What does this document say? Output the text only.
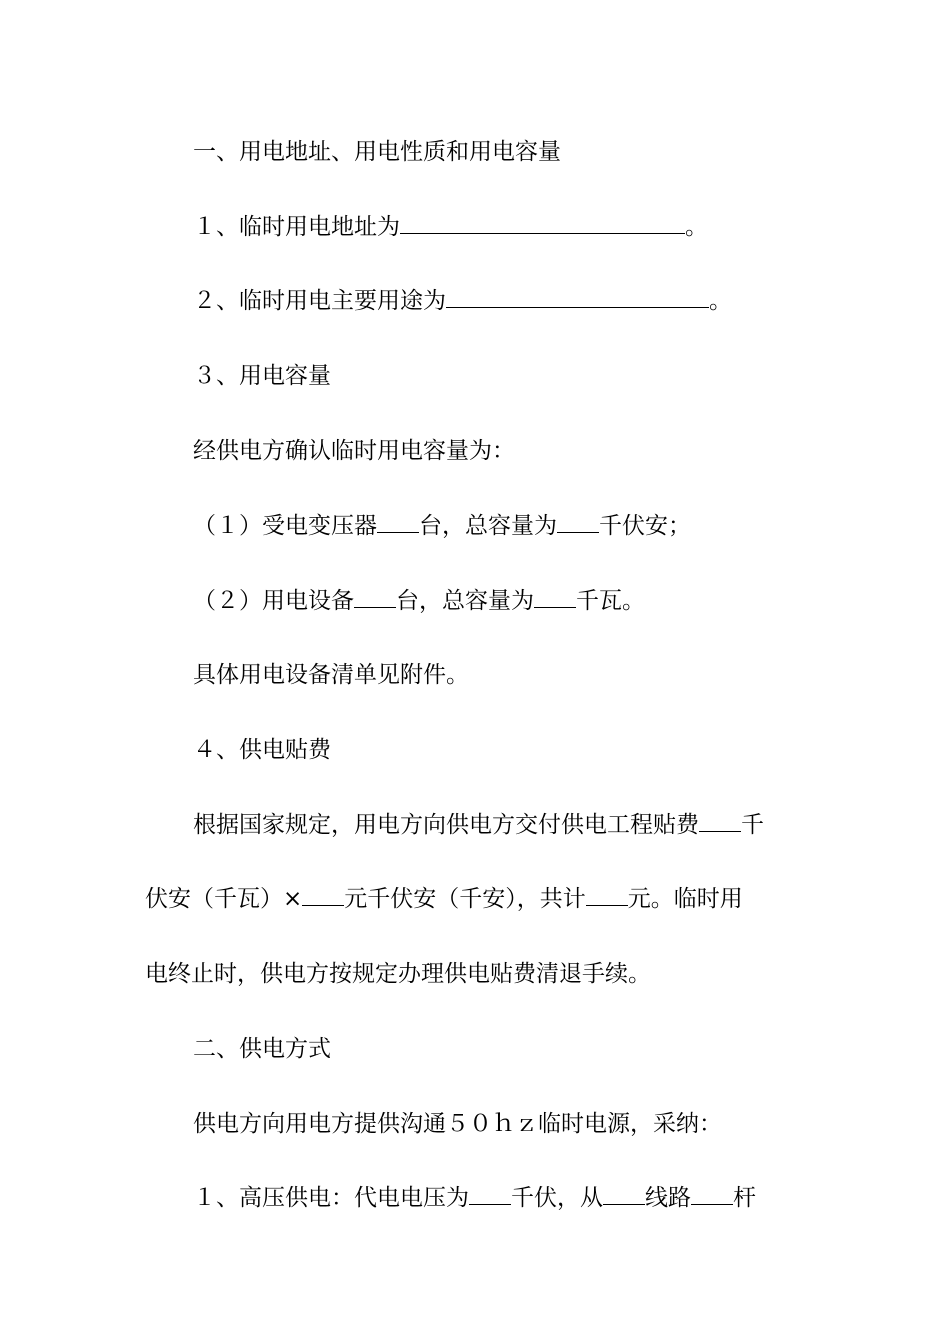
一、用电地址、用电性质和用电容量
１、临时用电地址为	。
２、临时用电主要用途为	。
３、用电容量
经供电方确认临时用电容量为：
（１）受电变压器 台，总容量为 千伏安；
（２）用电设备 台，总容量为 千瓦。
具体用电设备清单见附件。
４、供电贴费
根据国家规定，用电方向供电方交付供电工程贴费 千
伏安（千瓦）× 元千伏安（千安），共计 元。临时用
电终止时，供电方按规定办理供电贴费清退手续。
二、供电方式
供电方向用电方提供沟通５０ｈｚ临时电源，采纳：
１、高压供电：代电电压为 千伏，从 线路 杆
